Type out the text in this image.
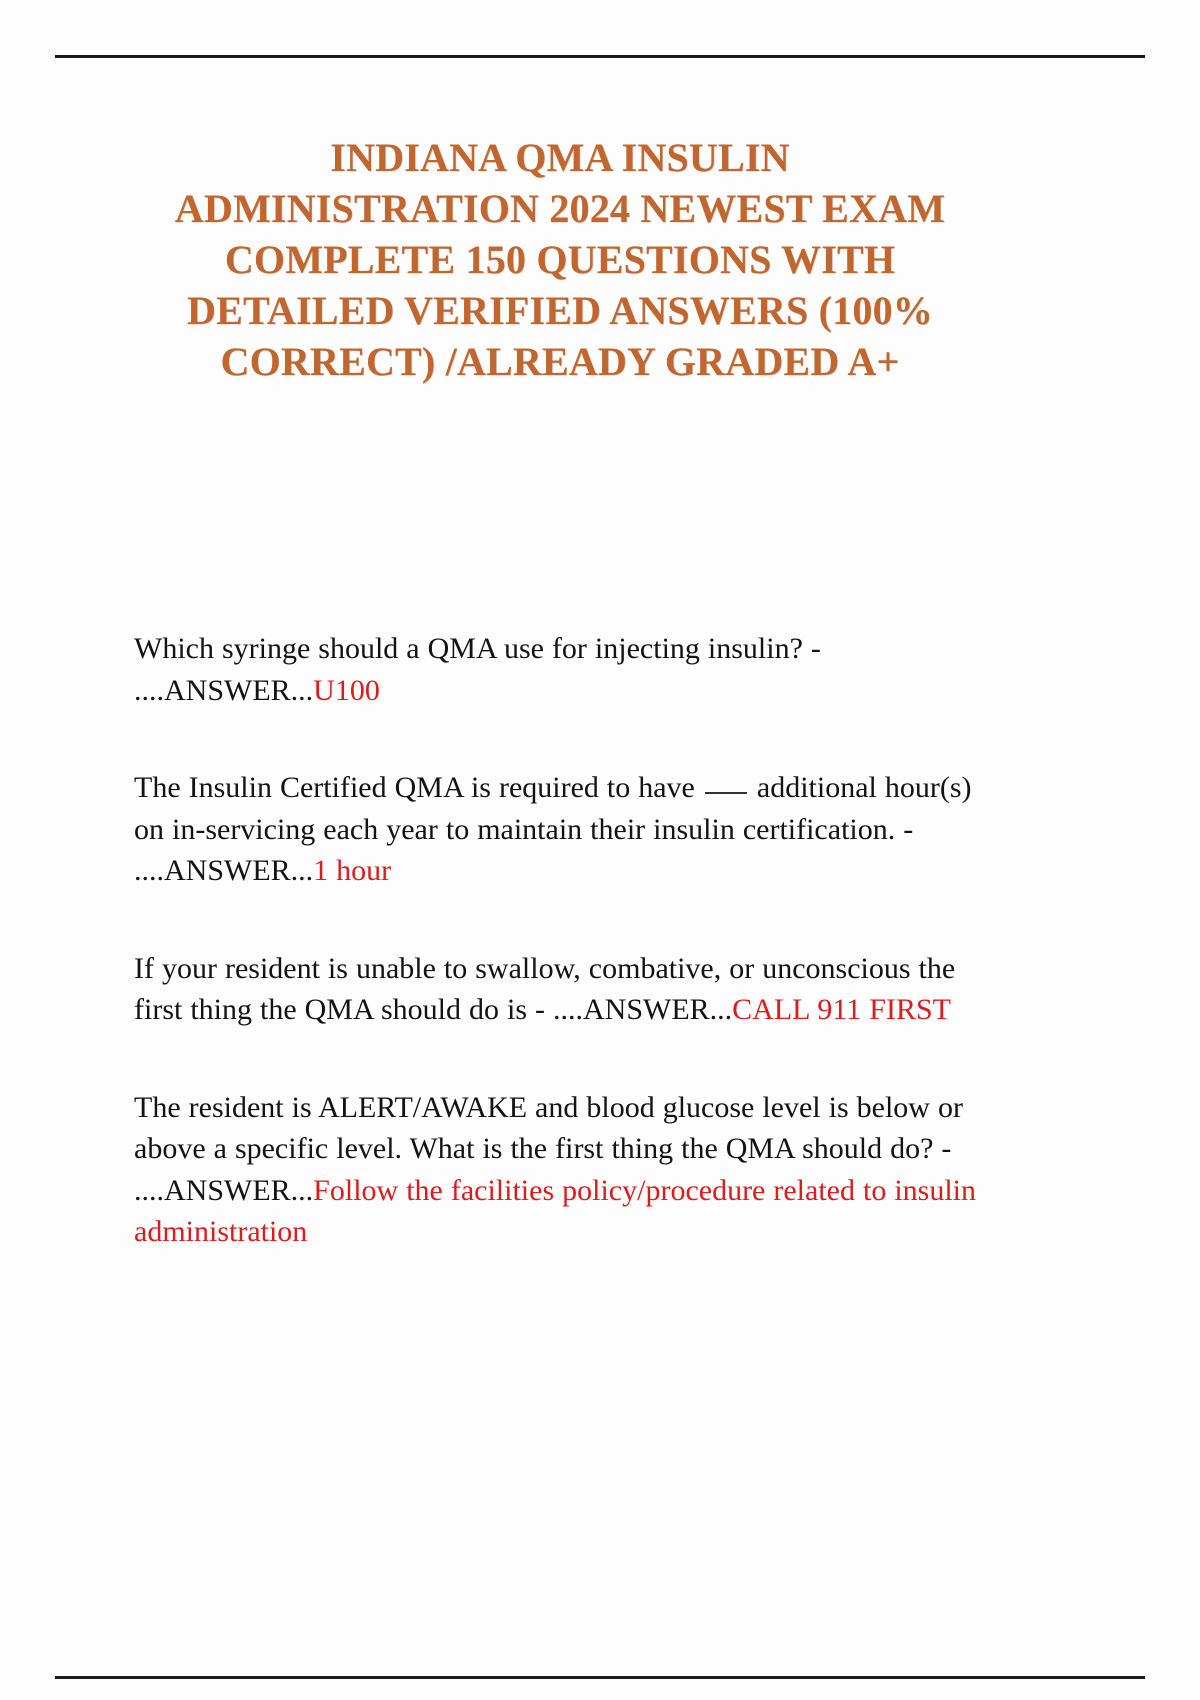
INDIANA QMA INSULIN
ADMINISTRATION 2024 NEWEST EXAM
COMPLETE 150 QUESTIONS WITH
DETAILED VERIFIED ANSWERS (100%
CORRECT) /ALREADY GRADED A+

Which syringe should a QMA use for injecting insulin? - ....ANSWER...U100

The Insulin Certified QMA is required to have  additional hour(s) on in-servicing each year to maintain their insulin certification. - ....ANSWER...1 hour

If your resident is unable to swallow, combative, or unconscious the first thing the QMA should do is - ....ANSWER...CALL 911 FIRST

The resident is ALERT/AWAKE and blood glucose level is below or above a specific level. What is the first thing the QMA should do? - ....ANSWER...Follow the facilities policy/procedure related to insulin administration
